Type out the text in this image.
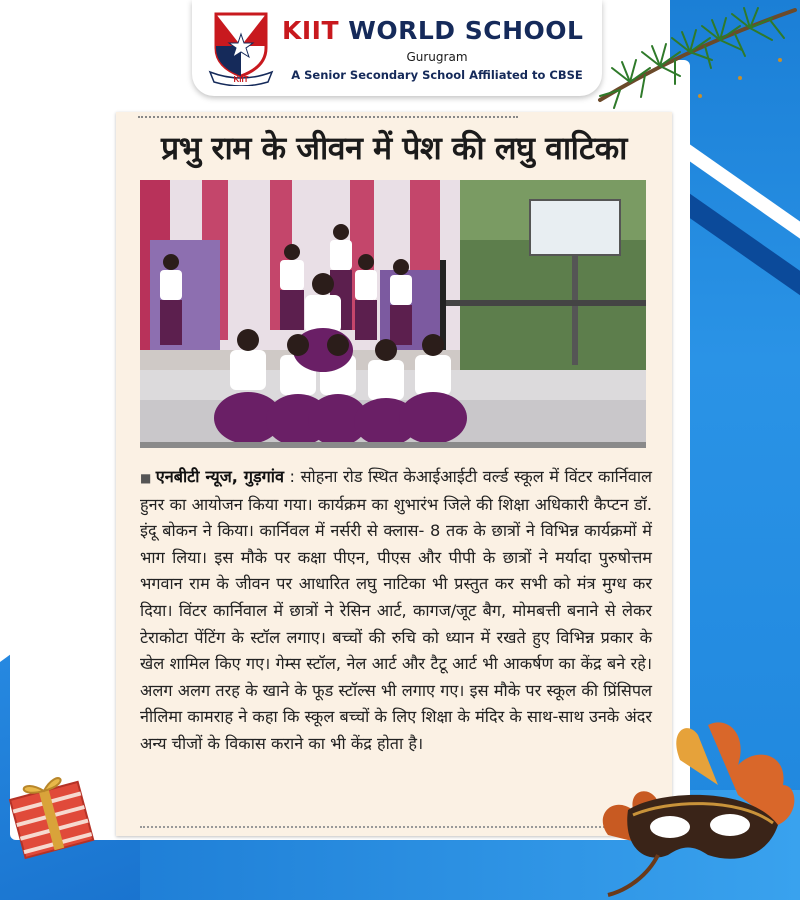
KIIT
KIIT WORLD SCHOOL
Gurugram
A Senior Secondary School Affiliated to CBSE
प्रभु राम के जीवन में पेश की लघु वाटिका
■ एनबीटी न्यूज, गुड़गांव : सोहना रोड स्थित केआईआईटी वर्ल्ड स्कूल में विंटर कार्निवाल हुनर का आयोजन किया गया। कार्यक्रम का शुभारंभ जिले की शिक्षा अधिकारी कैप्टन डॉ. इंदू बोकन ने किया। कार्निवल में नर्सरी से क्लास- 8 तक के छात्रों ने विभिन्न कार्यक्रमों में भाग लिया। इस मौके पर कक्षा पीएन, पीएस और पीपी के छात्रों ने मर्यादा पुरुषोत्तम भगवान राम के जीवन पर आधारित लघु नाटिका भी प्रस्तुत कर सभी को मंत्र मुग्ध कर दिया। विंटर कार्निवाल में छात्रों ने रेसिन आर्ट, कागज/जूट बैग, मोमबत्ती बनाने से लेकर टेराकोटा पेंटिंग के स्टॉल लगाए। बच्चों की रुचि को ध्यान में रखते हुए विभिन्न प्रकार के खेल शामिल किए गए। गेम्स स्टॉल, नेल आर्ट और टैटू आर्ट भी आकर्षण का केंद्र बने रहे। अलग अलग तरह के खाने के फूड स्टॉल्स भी लगाए गए। इस मौके पर स्कूल की प्रिंसिपल नीलिमा कामराह ने कहा कि स्कूल बच्चों के लिए शिक्षा के मंदिर के साथ-साथ उनके अंदर अन्य चीजों के विकास कराने का भी केंद्र होता है।
